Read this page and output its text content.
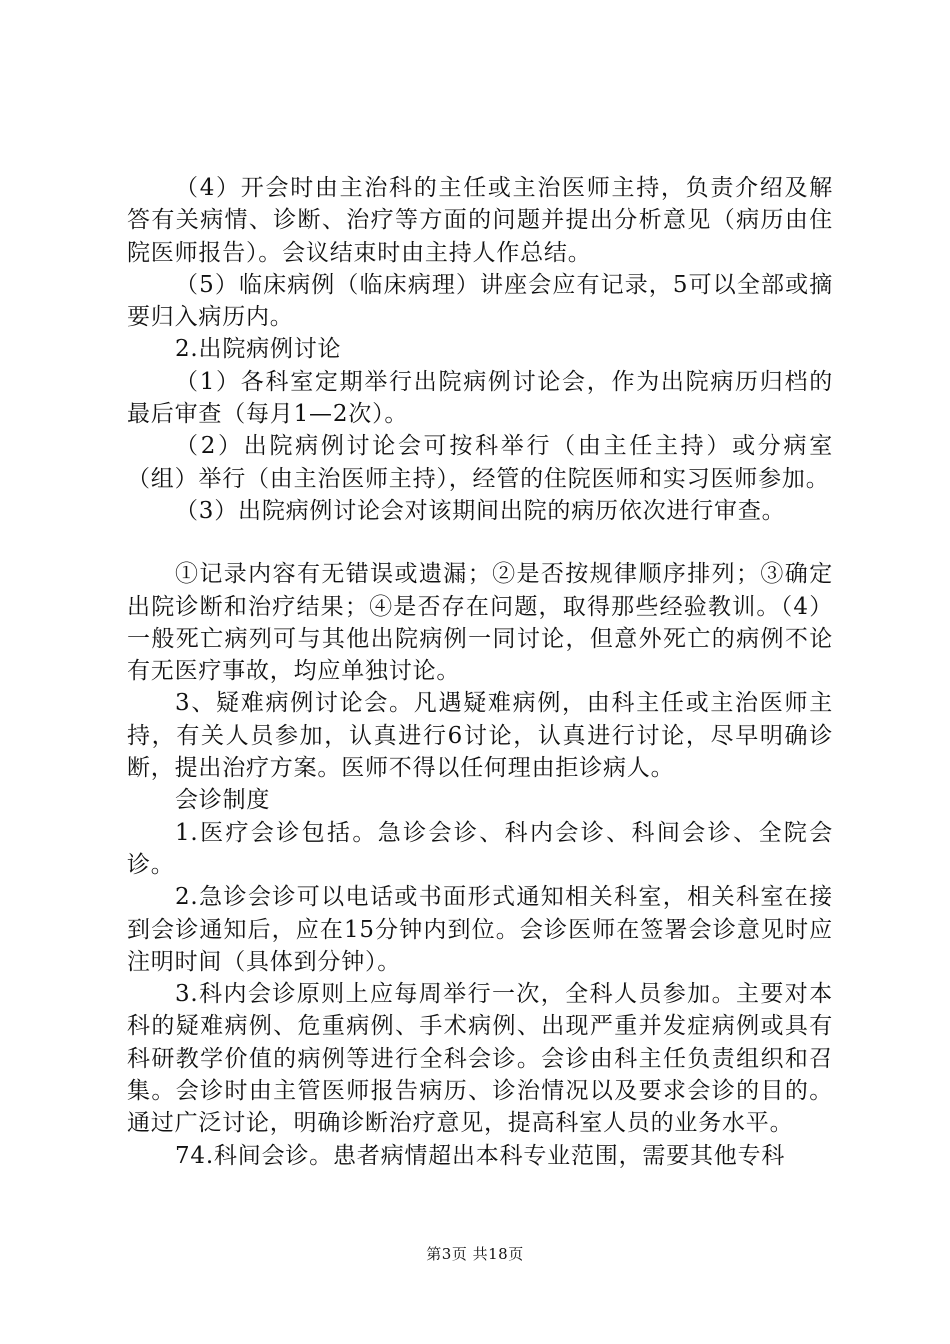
（4）开会时由主治科的主任或主治医师主持，负责介绍及解答有关病情、诊断、治疗等方面的问题并提出分析意见（病历由住院医师报告）。会议结束时由主持人作总结。

（5）临床病例（临床病理）讲座会应有记录，5可以全部或摘要归入病历内。

2.出院病例讨论

（1）各科室定期举行出院病例讨论会，作为出院病历归档的最后审查（每月1—2次）。

（2）出院病例讨论会可按科举行（由主任主持）或分病室（组）举行（由主治医师主持），经管的住院医师和实习医师参加。

（3）出院病例讨论会对该期间出院的病历依次进行审查。

①记录内容有无错误或遗漏；②是否按规律顺序排列；③确定出院诊断和治疗结果；④是否存在问题，取得那些经验教训。（4）一般死亡病列可与其他出院病例一同讨论，但意外死亡的病例不论有无医疗事故，均应单独讨论。

3、疑难病例讨论会。凡遇疑难病例，由科主任或主治医师主持，有关人员参加，认真进行6讨论，认真进行讨论，尽早明确诊断，提出治疗方案。医师不得以任何理由拒诊病人。

会诊制度

1.医疗会诊包括。急诊会诊、科内会诊、科间会诊、全院会诊。

2.急诊会诊可以电话或书面形式通知相关科室，相关科室在接到会诊通知后，应在15分钟内到位。会诊医师在签署会诊意见时应注明时间（具体到分钟）。

3.科内会诊原则上应每周举行一次，全科人员参加。主要对本科的疑难病例、危重病例、手术病例、出现严重并发症病例或具有科研教学价值的病例等进行全科会诊。会诊由科主任负责组织和召集。会诊时由主管医师报告病历、诊治情况以及要求会诊的目的。通过广泛讨论，明确诊断治疗意见，提高科室人员的业务水平。

74.科间会诊。患者病情超出本科专业范围，需要其他专科

第3页 共18页
